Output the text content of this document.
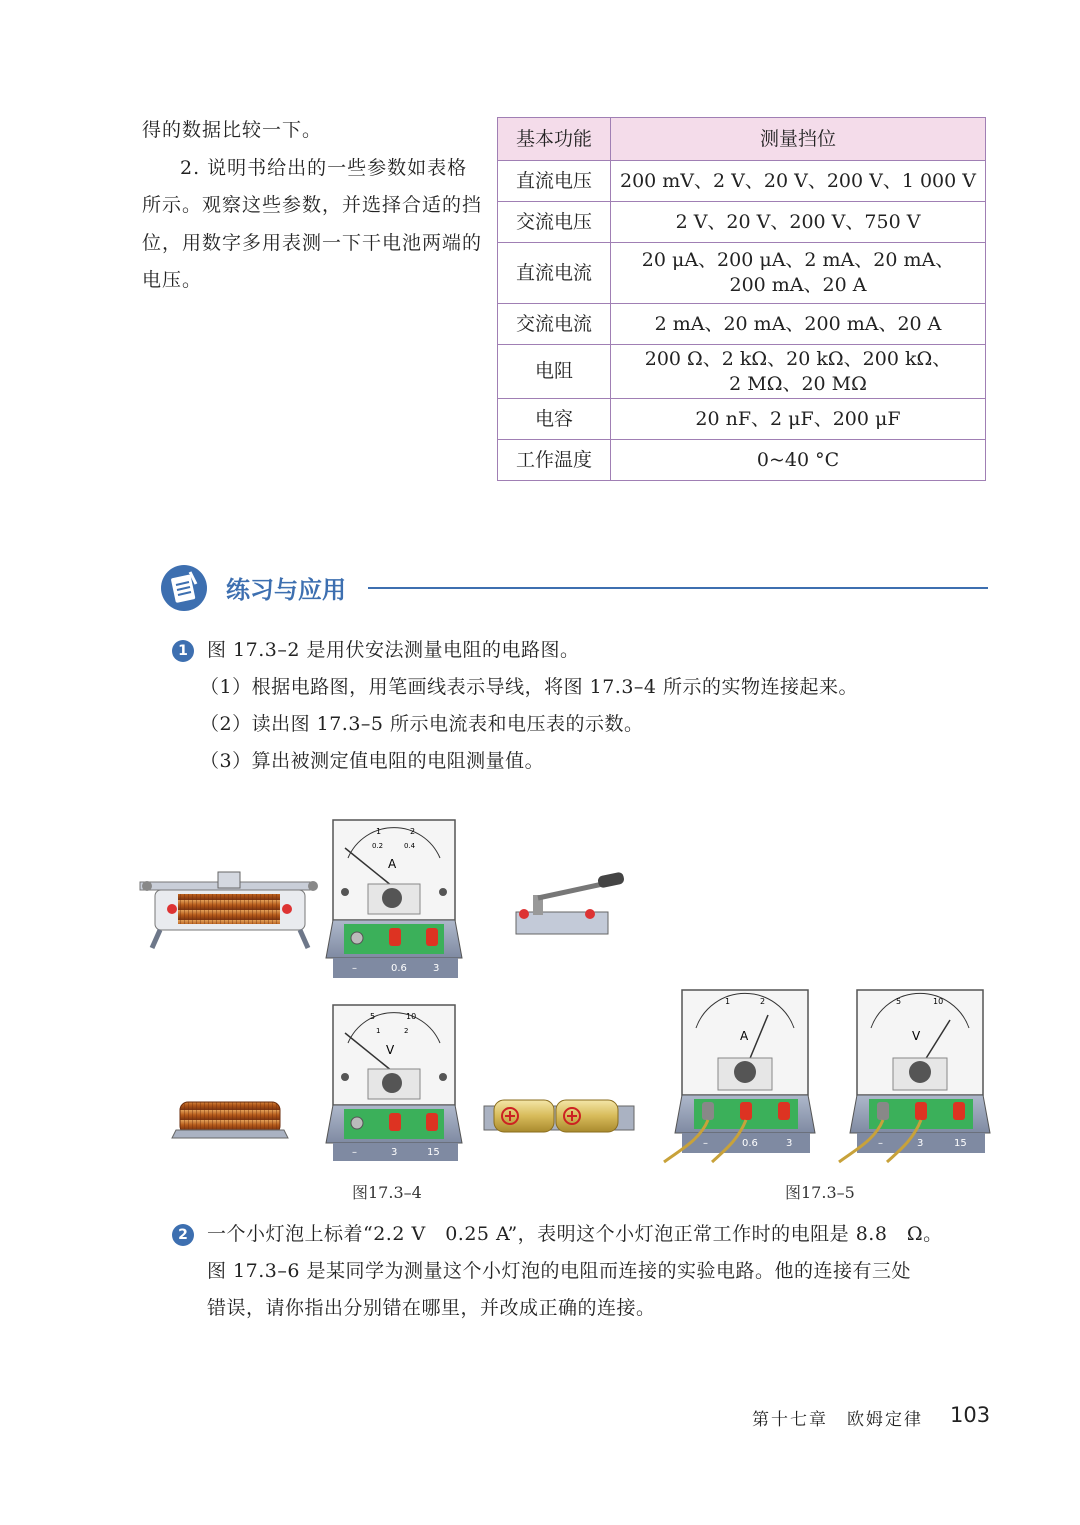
得的数据比较一下。

2. 说明书给出的一些参数如表格所示。观察这些参数，并选择合适的挡位，用数字多用表测一下干电池两端的电压。

基本功能	测量挡位
直流电压	200 mV、2 V、20 V、200 V、1 000 V
交流电压	2 V、20 V、200 V、750 V
直流电流	20 μA、200 μA、2 mA、20 mA、200 mA、20 A
交流电流	2 mA、20 mA、200 mA、20 A
电阻	200 Ω、2 kΩ、20 kΩ、200 kΩ、2 MΩ、20 MΩ
电容	20 nF、2 μF、200 μF
工作温度	0~40 °C
练习与应用
1	图 17.3–2 是用伏安法测量电阻的电路图。
（1）根据电路图，用笔画线表示导线，将图 17.3–4 所示的实物连接起来。
（2）读出图 17.3–5 所示电流表和电压表的示数。
（3）算出被测定值电阻的电阻测量值。
1	2
0.2	0.4
A
–	0.6	3
5	10
1	2
V
–	3	15
1	2
A
–	0.6	3
5	10
V
–	3	15
图17.3–4	图17.3–5
2	一个小灯泡上标着“2.2 V　0.25 A”，表明这个小灯泡正常工作时的电阻是 8.8　Ω。
图 17.3–6 是某同学为测量这个小灯泡的电阻而连接的实验电路。他的连接有三处
错误，请你指出分别错在哪里，并改成正确的连接。
第十七章　欧姆定律 103
